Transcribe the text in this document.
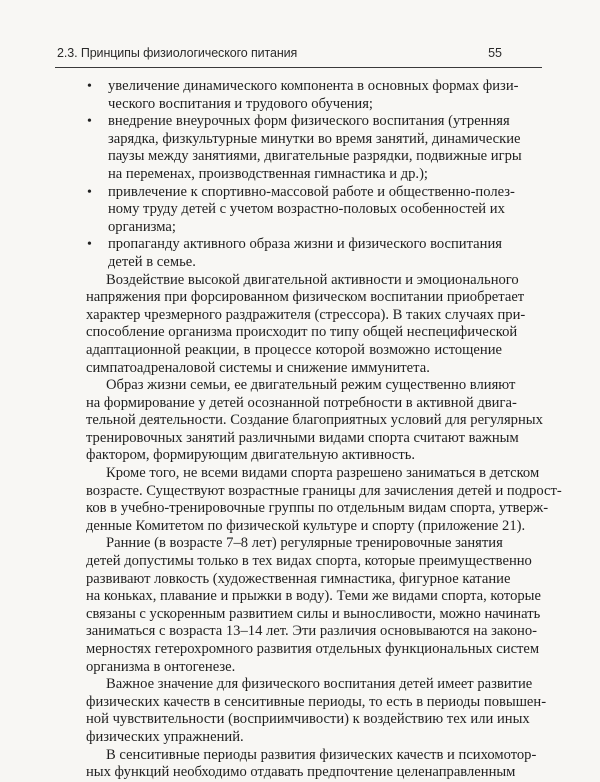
2.3. Принципы физиологического питания	55
• увеличение динамического компонента в основных формах физи-
ческого воспитания и трудового обучения;
• внедрение внеурочных форм физического воспитания (утренняя
зарядка, физкультурные минутки во время занятий, динамические
паузы между занятиями, двигательные разрядки, подвижные игры
на переменах, производственная гимнастика и др.);
• привлечение к спортивно-массовой работе и общественно-полез-
ному труду детей с учетом возрастно-половых особенностей их
организма;
• пропаганду активного образа жизни и физического воспитания
детей в семье.

Воздействие высокой двигательной активности и эмоционального
напряжения при форсированном физическом воспитании приобретает
характер чрезмерного раздражителя (стрессора). В таких случаях при-
способление организма происходит по типу общей неспецифической
адаптационной реакции, в процессе которой возможно истощение
симпатоадреналовой системы и снижение иммунитета.

Образ жизни семьи, ее двигательный режим существенно влияют
на формирование у детей осознанной потребности в активной двига-
тельной деятельности. Создание благоприятных условий для регулярных
тренировочных занятий различными видами спорта считают важным
фактором, формирующим двигательную активность.

Кроме того, не всеми видами спорта разрешено заниматься в детском
возрасте. Существуют возрастные границы для зачисления детей и подрост-
ков в учебно-тренировочные группы по отдельным видам спорта, утверж-
денные Комитетом по физической культуре и спорту (приложение 21).

Ранние (в возрасте 7–8 лет) регулярные тренировочные занятия
детей допустимы только в тех видах спорта, которые преимущественно
развивают ловкость (художественная гимнастика, фигурное катание
на коньках, плавание и прыжки в воду). Теми же видами спорта, которые
связаны с ускоренным развитием силы и выносливости, можно начинать
заниматься с возраста 13–14 лет. Эти различия основываются на законо-
мерностях гетерохромного развития отдельных функциональных систем
организма в онтогенезе.

Важное значение для физического воспитания детей имеет развитие
физических качеств в сенситивные периоды, то есть в периоды повышен-
ной чувствительности (восприимчивости) к воздействию тех или иных
физических упражнений.

В сенситивные периоды развития физических качеств и психомотор-
ных функций необходимо отдавать предпочтение целенаправленным
